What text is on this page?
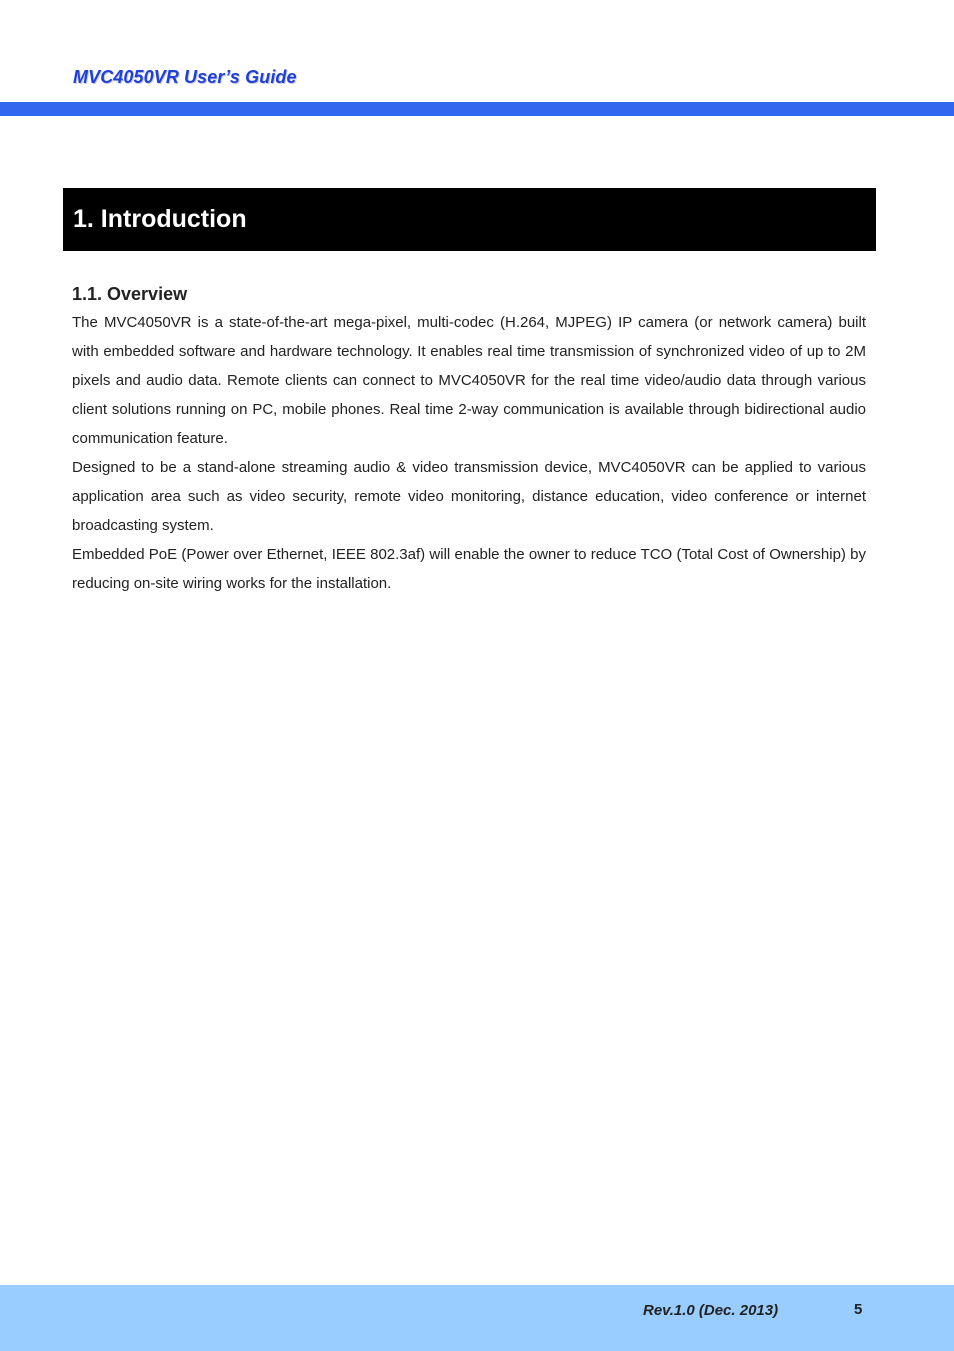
MVC4050VR User’s Guide
1. Introduction
1.1. Overview

The MVC4050VR is a state-of-the-art mega-pixel, multi-codec (H.264, MJPEG) IP camera (or network camera) built with embedded software and hardware technology. It enables real time transmission of synchronized video of up to 2M pixels and audio data. Remote clients can connect to MVC4050VR for the real time video/audio data through various client solutions running on PC, mobile phones. Real time 2-way communication is available through bidirectional audio communication feature.

Designed to be a stand-alone streaming audio & video transmission device, MVC4050VR can be applied to various application area such as video security, remote video monitoring, distance education, video conference or internet broadcasting system.

Embedded PoE (Power over Ethernet, IEEE 802.3af) will enable the owner to reduce TCO (Total Cost of Ownership) by reducing on-site wiring works for the installation.

Rev.1.0 (Dec. 2013)	5
